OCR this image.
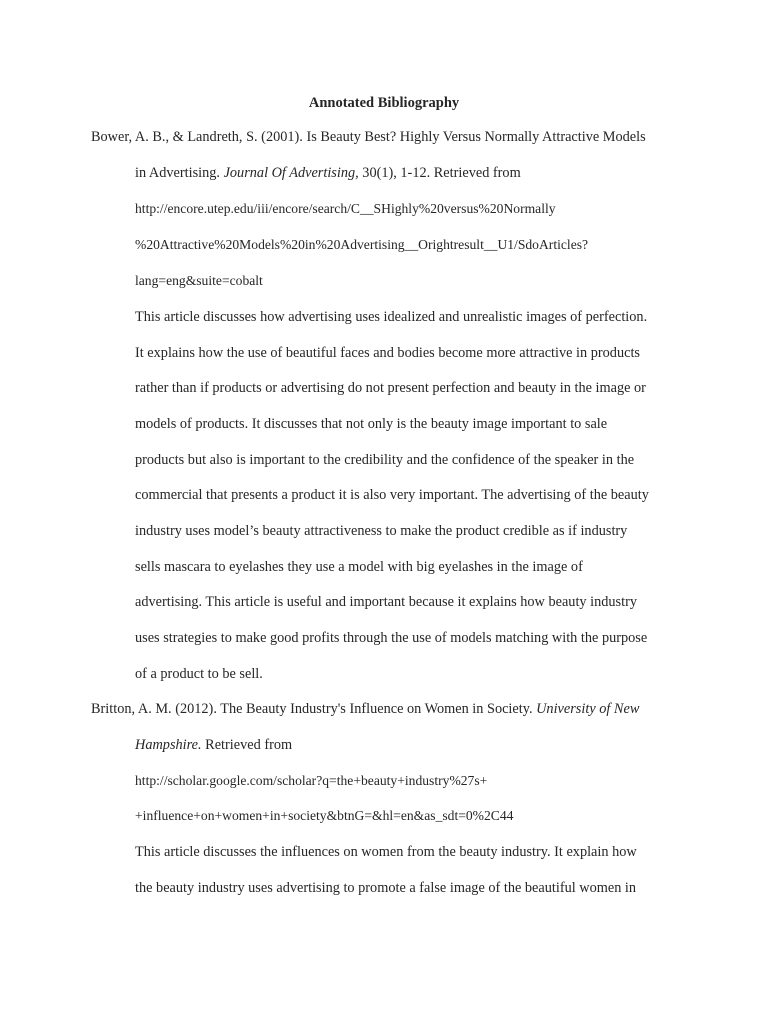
Annotated Bibliography

Bower, A. B., & Landreth, S. (2001). Is Beauty Best? Highly Versus Normally Attractive Models

in Advertising. Journal Of Advertising, 30(1), 1-12. Retrieved from

http://encore.utep.edu/iii/encore/search/C__SHighly%20versus%20Normally

%20Attractive%20Models%20in%20Advertising__Orightresult__U1/SdoArticles?

lang=eng&suite=cobalt

This article discusses how advertising uses idealized and unrealistic images of perfection.

It explains how the use of beautiful faces and bodies become more attractive in products

rather than if products or advertising do not present perfection and beauty in the image or

models of products. It discusses that not only is the beauty image important to sale

products but also is important to the credibility and the confidence of the speaker in the

commercial that presents a product it is also very important. The advertising of the beauty

industry uses model’s beauty attractiveness to make the product credible as if industry

sells mascara to eyelashes they use a model with big eyelashes in the image of

advertising. This article is useful and important because it explains how beauty industry

uses strategies to make good profits through the use of models matching with the purpose

of a product to be sell.

Britton, A. M. (2012). The Beauty Industry's Influence on Women in Society. University of New

Hampshire. Retrieved from

http://scholar.google.com/scholar?q=the+beauty+industry%27s+

+influence+on+women+in+society&btnG=&hl=en&as_sdt=0%2C44

This article discusses the influences on women from the beauty industry. It explain how

the beauty industry uses advertising to promote a false image of the beautiful women in
